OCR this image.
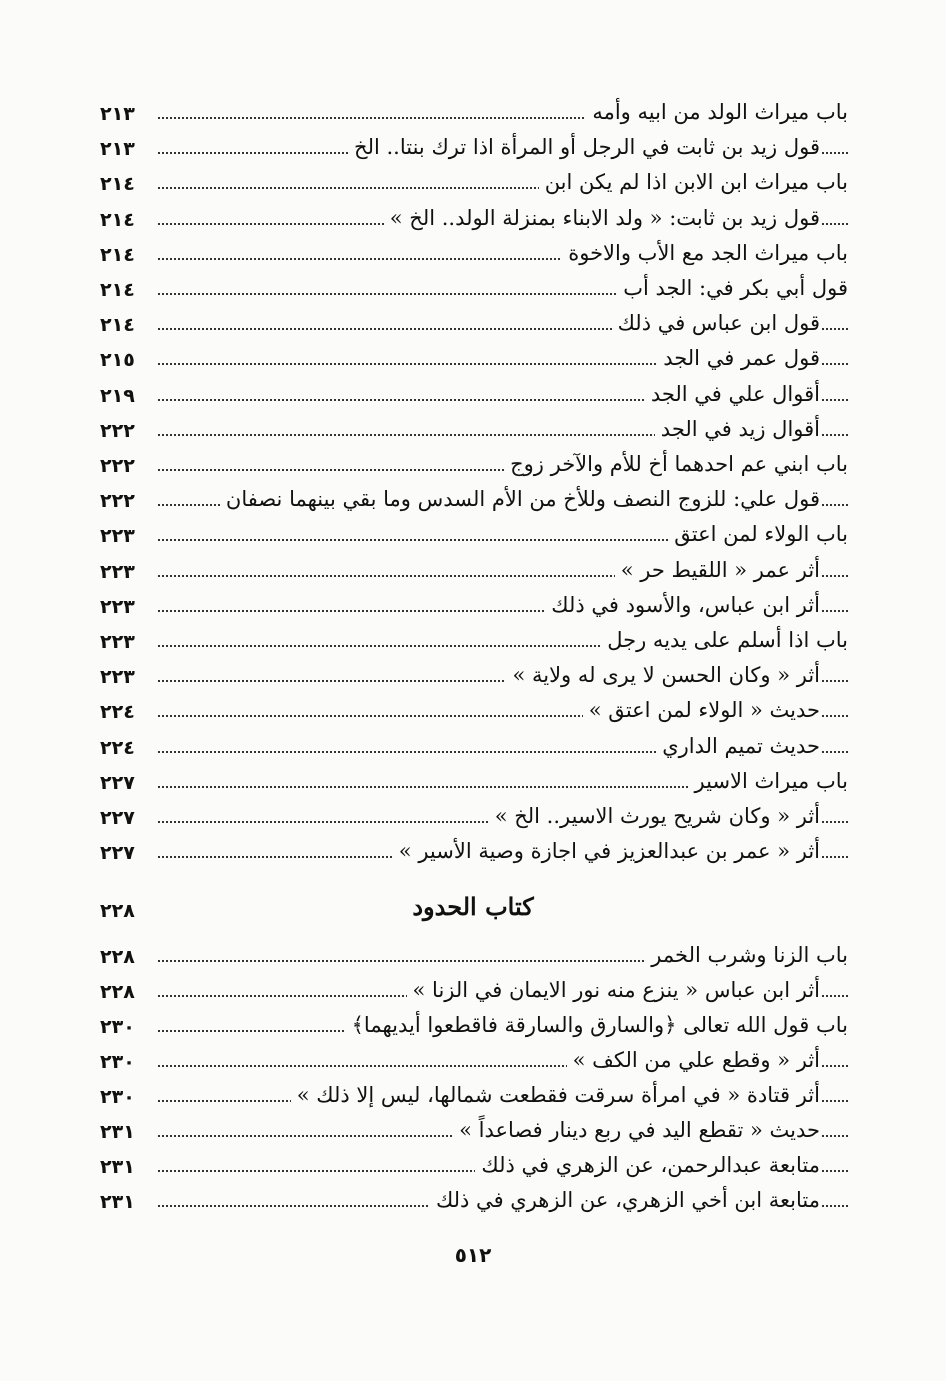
باب ميراث الولد من ابيه وأمه
٢١٣
قول زيد بن ثابت في الرجل أو المرأة اذا ترك بنتا.. الخ
٢١٣
باب ميراث ابن الابن اذا لم يكن ابن
٢١٤
قول زيد بن ثابت: « ولد الابناء بمنزلة الولد.. الخ »
٢١٤
باب ميراث الجد مع الأب والاخوة
٢١٤
قول أبي بكر في: الجد أب
٢١٤
قول ابن عباس في ذلك
٢١٤
قول عمر في الجد
٢١٥
أقوال علي في الجد
٢١٩
أقوال زيد في الجد
٢٢٢
باب ابني عم احدهما أخ للأم والآخر زوج
٢٢٢
قول علي: للزوج النصف وللأخ من الأم السدس وما بقي بينهما نصفان
٢٢٢
باب الولاء لمن اعتق
٢٢٣
أثر عمر « اللقيط حر »
٢٢٣
أثر ابن عباس، والأسود في ذلك
٢٢٣
باب اذا أسلم على يديه رجل
٢٢٣
أثر « وكان الحسن لا يرى له ولاية »
٢٢٣
حديث « الولاء لمن اعتق »
٢٢٤
حديث تميم الداري
٢٢٤
باب ميراث الاسير
٢٢٧
أثر « وكان شريح يورث الاسير.. الخ »
٢٢٧
أثر « عمر بن عبدالعزيز في اجازة وصية الأسير »
٢٢٧
كتاب الحدود
٢٢٨
باب الزنا وشرب الخمر
٢٢٨
أثر ابن عباس « ينزع منه نور الايمان في الزنا »
٢٢٨
باب قول الله تعالى ﴿والسارق والسارقة فاقطعوا أيديهما﴾
٢٣٠
أثر « وقطع علي من الكف »
٢٣٠
أثر قتادة « في امرأة سرقت فقطعت شمالها، ليس إلا ذلك »
٢٣٠
حديث « تقطع اليد في ربع دينار فصاعداً »
٢٣١
متابعة عبدالرحمن، عن الزهري في ذلك
٢٣١
متابعة ابن أخي الزهري، عن الزهري في ذلك
٢٣١
٥١٢
